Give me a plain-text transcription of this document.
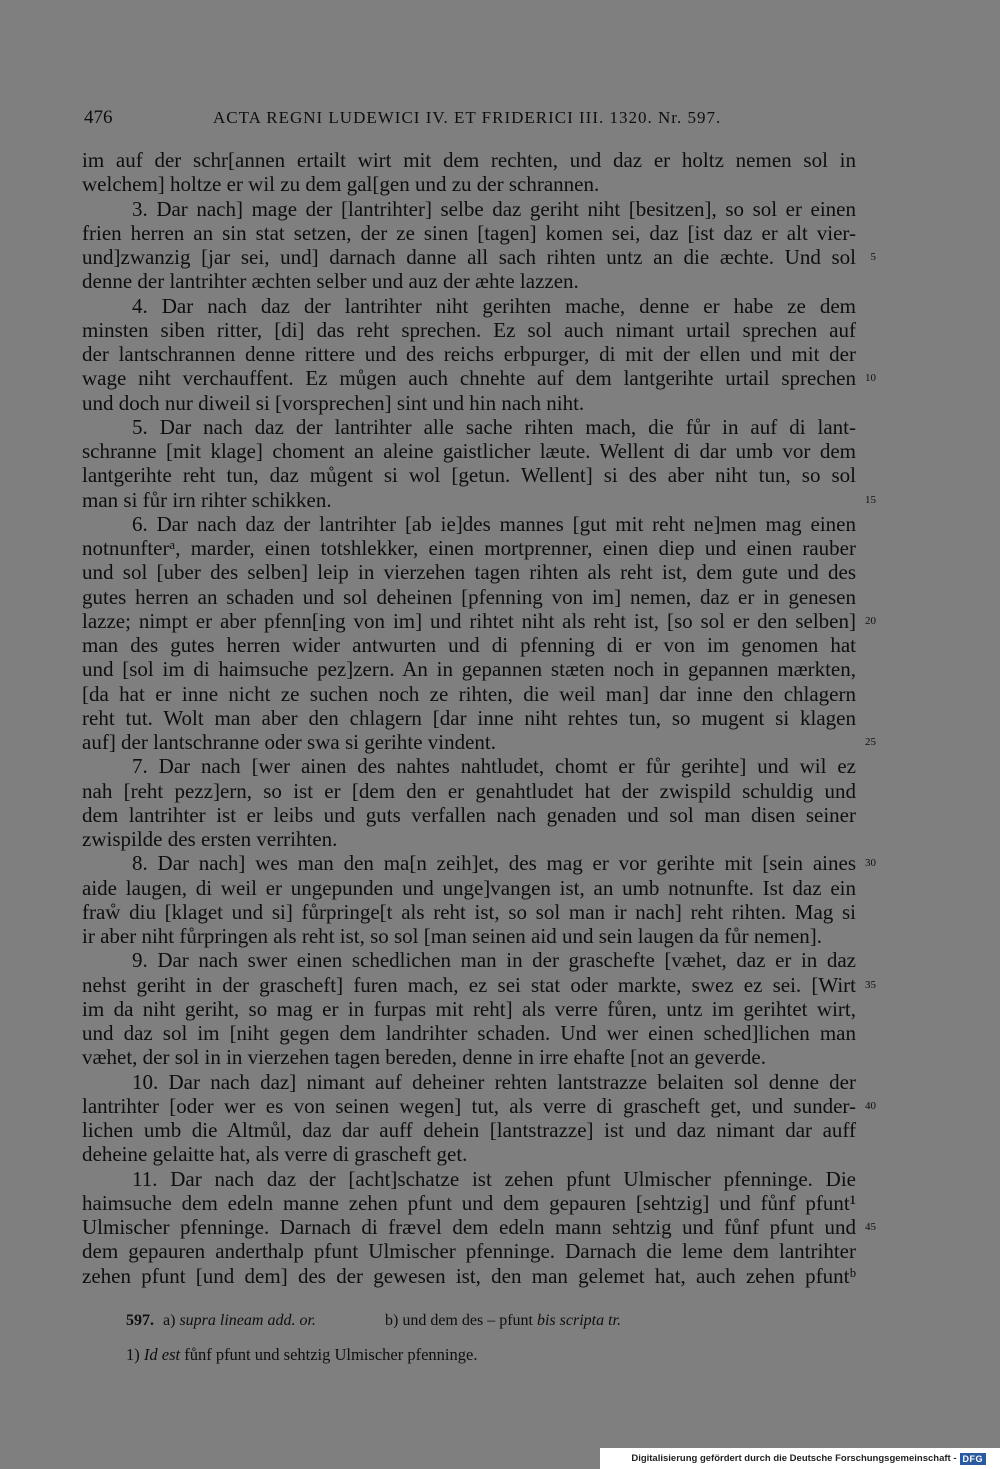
476	ACTA REGNI LUDEWICI IV. ET FRIDERICI III. 1320. Nr. 597.
im auf der schr[annen ertailt wirt mit dem rechten, und daz er holtz nemen sol in
welchem] holtze er wil zu dem gal[gen und zu der schrannen.
3. Dar nach] mage der [lantrihter] selbe daz geriht niht [besitzen], so sol er einen
frien herren an sin stat setzen, der ze sinen [tagen] komen sei, daz [ist daz er alt vier-
und]zwanzig [jar sei, und] darnach danne all sach rihten untz an die æchte. Und sol	5
denne der lantrihter æchten selber und auz der æhte lazzen.
4. Dar nach daz der lantrihter niht gerihten mache, denne er habe ze dem
minsten siben ritter, [di] das reht sprechen. Ez sol auch nimant urtail sprechen auf
der lantschrannen denne rittere und des reichs erbpurger, di mit der ellen und mit der
wage niht verchauffent. Ez můgen auch chnehte auf dem lantgerihte urtail sprechen 10
und doch nur diweil si [vorsprechen] sint und hin nach niht.
5. Dar nach daz der lantrihter alle sache rihten mach, die fůr in auf di lant-
schranne [mit klage] choment an aleine gaistlicher læute. Wellent di dar umb vor dem
lantgerihte reht tun, daz můgent si wol [getun. Wellent] si des aber niht tun, so sol
man si fůr irn rihter schikken.	15
6. Dar nach daz der lantrihter [ab ie]des mannes [gut mit reht ne]men mag einen
notnunfterᵃ, marder, einen totshlekker, einen mortprenner, einen diep und einen rauber
und sol [uber des selben] leip in vierzehen tagen rihten als reht ist, dem gute und des
gutes herren an schaden und sol deheinen [pfenning von im] nemen, daz er in genesen
lazze; nimpt er aber pfenn[ing von im] und rihtet niht als reht ist, [so sol er den selben] 20
man des gutes herren wider antwurten und di pfenning di er von im genomen hat
und [sol im di haimsuche pez]zern. An in gepannen stæten noch in gepannen mærkten,
[da hat er inne nicht ze suchen noch ze rihten, die weil man] dar inne den chlagern
reht tut. Wolt man aber den chlagern [dar inne niht rehtes tun, so mugent si klagen
auf] der lantschranne oder swa si gerihte vindent.	25
7. Dar nach [wer ainen des nahtes nahtludet, chomt er fůr gerihte] und wil ez
nah [reht pezz]ern, so ist er [dem den er genahtludet hat der zwispild schuldig und
dem lantrihter ist er leibs und guts verfallen nach genaden und sol man disen seiner
zwispilde des ersten verrihten.
8. Dar nach] wes man den ma[n zeih]et, des mag er vor gerihte mit [sein aines 30
aide laugen, di weil er ungepunden und unge]vangen ist, an umb notnunfte. Ist daz ein
fraẘ diu [klaget und si] fůrpringe[t als reht ist, so sol man ir nach] reht rihten. Mag si
ir aber niht fůrpringen als reht ist, so sol [man seinen aid und sein laugen da fůr nemen].
9. Dar nach swer einen schedlichen man in der graschefte [væhet, daz er in daz
nehst geriht in der grascheft] furen mach, ez sei stat oder markte, swez ez sei. [Wirt 35
im da niht geriht, so mag er in furpas mit reht] als verre fůren, untz im gerihtet wirt,
und daz sol im [niht gegen dem landrihter schaden. Und wer einen sched]lichen man
væhet, der sol in in vierzehen tagen bereden, denne in irre ehafte [not an geverde.
10. Dar nach daz] nimant auf deheiner rehten lantstrazze belaiten sol denne der
lantrihter [oder wer es von seinen wegen] tut, als verre di grascheft get, und sunder- 40
lichen umb die Altmůl, daz dar auff dehein [lantstrazze] ist und daz nimant dar auff
deheine gelaitte hat, als verre di grascheft get.
11. Dar nach daz der [acht]schatze ist zehen pfunt Ulmischer pfenninge. Die
haimsuche dem edeln manne zehen pfunt und dem gepauren [sehtzig] und fůnf pfunt¹
Ulmischer pfenninge. Darnach di frævel dem edeln mann sehtzig und fůnf pfunt und 45
dem gepauren anderthalp pfunt Ulmischer pfenninge. Darnach die leme dem lantrihter
zehen pfunt [und dem] des der gewesen ist, den man gelemet hat, auch zehen pfuntᵇ
597. a) supra lineam add. or.	b) und dem des – pfunt bis scripta tr.
1) Id est fůnf pfunt und sehtzig Ulmischer pfenninge.
Digitalisierung gefördert durch die Deutsche Forschungsgemeinschaft - DFG
